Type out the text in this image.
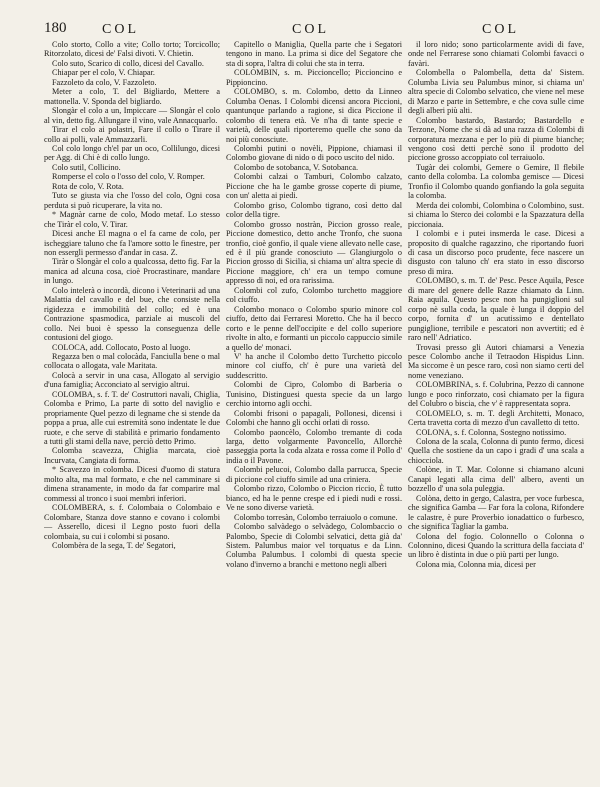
180	COL	COL	COL

Colo storto, Collo a vite; Collo torto; Torcicollo; Ritorzolato, dicesi de' Falsi divoti. V. Chietin.

Colo suto, Scarico di collo, dicesi del Cavallo.

Chiapar per el colo, V. Chiapar.

Fazzoleto da colo, V. Fazzoleto.

Meter a colo, T. del Bigliardo, Mettere a mattonella. V. Sponda del bigliardo.

Slongàr el colo a un, Impiccare — Slongàr el colo al vin, detto fig. Allungare il vino, vale Annacquarlo.

Tirar el colo ai polastri, Fare il collo o Tirare il collo ai polli, vale Ammazzarli.

Col colo longo ch'el par un oco, Collilungo, dicesi per Agg. di Chi è di collo lungo.

Colo sutil, Collicino.

Romperse el colo o l'osso del colo, V. Romper.

Rota de colo, V. Rota.

Tuto se giusta via che l'osso del colo, Ogni cosa perduta si può ricuperare, la vita no.

* Magnàr carne de colo, Modo metaf. Lo stesso che Tiràr el colo, V. Tirar.

Dicesi anche El magna o el fa carne de colo, per ischeggiare taluno che fa l'amore sotto le finestre, per non essergli permesso d'andar in casa. Z.

Tiràr o Slongàr el colo a qualcossa, detto fig. Far la manica ad alcuna cosa, cioè Procrastinare, mandare in lungo.

Colo intelerà o incordà, dicono i Veterinarii ad una Malattia del cavallo e del bue, che consiste nella rigidezza e immobilità del collo; ed è una Contrazione spasmodica, parziale ai muscoli del collo. Nei buoi è spesso la conseguenza delle contusioni del giogo.

COLOCA, add. Collocato, Posto al luogo.

Regazza ben o mal colocàda, Fanciulla bene o mal collocata o allogata, vale Maritata.

Colocà a servir in una casa, Allogato al servigio d'una famiglia; Acconciato al servigio altrui.

COLOMBA, s. f. T. de' Costruttori navali, Chiglia, Colomba e Primo, La parte di sotto del naviglio e propriamente Quel pezzo di legname che si stende da poppa a prua, alle cui estremità sono indentate le due ruote, e che serve di stabilità e primario fondamento a tutti gli stami della nave, perciò detto Primo.

Colomba scavezza, Chiglia marcata, cioè Incurvata, Cangiata di forma.

* Scavezzo in colomba. Dicesi d'uomo di statura molto alta, ma mal formato, e che nel camminare si dimena stranamente, in modo da far comparire mal commessi al tronco i suoi membri inferiori.

COLOMBERA, s. f. Colombaia o Colombaio e Colombare, Stanza dove stanno e covano i colombi — Asserello, dicesi il Legno posto fuori della colombaia, su cui i colombi si posano.

Colombèra de la sega, T. de' Segatori,

Capitello o Maniglia, Quella parte che i Segatori tengono in mano. La prima si dice del Segatore che sta di sopra, l'altra di colui che sta in terra.

COLOMBIN, s. m. Piccioncello; Piccioncino e Pippioncino.

COLOMBO, s. m. Colombo, detto da Linneo Columba Oenas. I Colombi dicensi ancora Piccioni, quantunque parlando a ragione, si dica Piccione il colombo di tenera età. Ve n'ha di tante specie e varietà, delle quali riporteremo quelle che sono da noi più conosciute.

Colombi putini o novèli, Pippione, chiamasi il Colombo giovane di nido o di poco uscito del nido.

Colombo de sotobanca, V. Sotobanca.

Colombi calzai o Tamburi, Colombo calzato, Piccione che ha le gambe grosse coperte di piume, con un' aletta ai piedi.

Colombo griso, Colombo tigrano, così detto dal color della tigre.

Colombo grosso nostràn, Piccion grosso reale, Piccione domestico, detto anche Tronfo, che suona tronfio, cioè gonfio, il quale viene allevato nelle case, ed è il più grande conosciuto — Glangiurgolo o Piccion grosso di Sicilia, si chiama un' altra specie di Piccione maggiore, ch' era un tempo comune appresso di noi, ed ora rarissima.

Colombi col zufo, Colombo turchetto maggiore col ciuffo.

Colombo monaco o Colombo spurio minore col ciuffo, detto dai Ferraresi Moretto. Che ha il becco corto e le penne dell'occipite e del collo superiore rivolte in alto, e formanti un piccolo cappuccio simile a quello de' monaci.

V' ha anche il Colombo detto Turchetto piccolo minore col ciuffo, ch' è pure una varietà del suddescritto.

Colombi de Cipro, Colombo di Barberia o Tunisino, Distinguesi questa specie da un largo cerchio intorno agli occhi.

Colombi frisoni o papagali, Pollonesi, dicensi i Colombi che hanno gli occhi orlati di rosso.

Colombo paoncèlo, Colombo tremante di coda larga, detto volgarmente Pavoncello, Allorchè passeggia porta la coda alzata e rossa come il Pollo d' india o il Pavone.

Colombi pelucoi, Colombo dalla parrucca, Specie di piccione col ciuffo simile ad una criniera.

Colombo rizzo, Colombo o Piccion riccio, È tutto bianco, ed ha le penne crespe ed i piedi nudi e rossi. Ve ne sono diverse varietà.

Colombo torresàn, Colombo terraiuolo o comune.

Colombo salvàdego o selvàdego, Colombaccio o Palombo, Specie di Colombi selvatici, detta già da' Sistem. Palumbus maior vel torquatus e da Linn. Columba Palumbus. I colombi di questa specie volano d'inverno a branchi e mettono negli alberi

il loro nido; sono particolarmente avidi di fave, onde nel Ferrarese sono chiamati Colombi favacci o favàri.

Colombella o Palombella, detta da' Sistem. Columba Livia seu Palumbus minor, si chiama un' altra specie di Colombo selvatico, che viene nel mese di Marzo e parte in Settembre, e che cova sulle cime degli alberi più alti.

Colombo bastardo, Bastardo; Bastardello e Terzone, Nome che si dà ad una razza di Colombi di corporatura mezzana e per lo più di piume bianche; vengono così detti perchè sono il prodotto del piccione grosso accoppiato col terraiuolo.

Tugàr dei colombi, Gemere o Gemire, Il flebile canto della colomba. La colomba gemisce — Dicesi Tronfio il Colombo quando gonfiando la gola seguita la colomba.

Merda dei colombi, Colombina o Colombino, sust. si chiama lo Sterco dei colombi e la Spazzatura della piccionaia.

I colombi e i putei insmerda le case. Dicesi a proposito di qualche ragazzino, che riportando fuori di casa un discorso poco prudente, fece nascere un disgusto con taluno ch' era stato in esso discorso preso di mira.

COLOMBO, s. m. T. de' Pesc. Pesce Aquila, Pesce di mare del genere delle Razze chiamato da Linn. Raia aquila. Questo pesce non ha pungiglioni sul corpo nè sulla coda, la quale è lunga il doppio del corpo, fornita d' un acutissimo e dentellato pungiglione, terribile e pescatori non avvertiti; ed è raro nell' Adriatico.

Trovasi presso gli Autori chiamarsi a Venezia pesce Colombo anche il Tetraodon Hispidus Linn. Ma siccome è un pesce raro, così non siamo certi del nome veneziano.

COLOMBRINA, s. f. Colubrina, Pezzo di cannone lungo e poco rinforzato, così chiamato per la figura del Colubro o biscia, che v' è rappresentata sopra.

COLOMELO, s. m. T. degli Architetti, Monaco, Certa travetta corta di mezzo d'un cavalletto di tetto.

COLONA, s. f. Colonna, Sostegno notissimo.

Colona de la scala, Colonna di punto fermo, dicesi Quella che sostiene da un capo i gradi d' una scala a chiocciola.

Colòne, in T. Mar. Colonne si chiamano alcuni Canapi legati alla cima dell' albero, aventi un bozzello d' una sola puleggia.

Colòna, detto in gergo, Calastra, per voce furbesca, che significa Gamba — Far fora la colona, Rifondere le calastre, è pure Proverbio ionadattico o furbesco, che significa Tagliar la gamba.

Colona del fogio. Colonnello o Colonna o Colonnino, dicesi Quando la scrittura della facciata d' un libro è distinta in due o più parti per lungo.

Colona mia, Colonna mia, dicesi per
